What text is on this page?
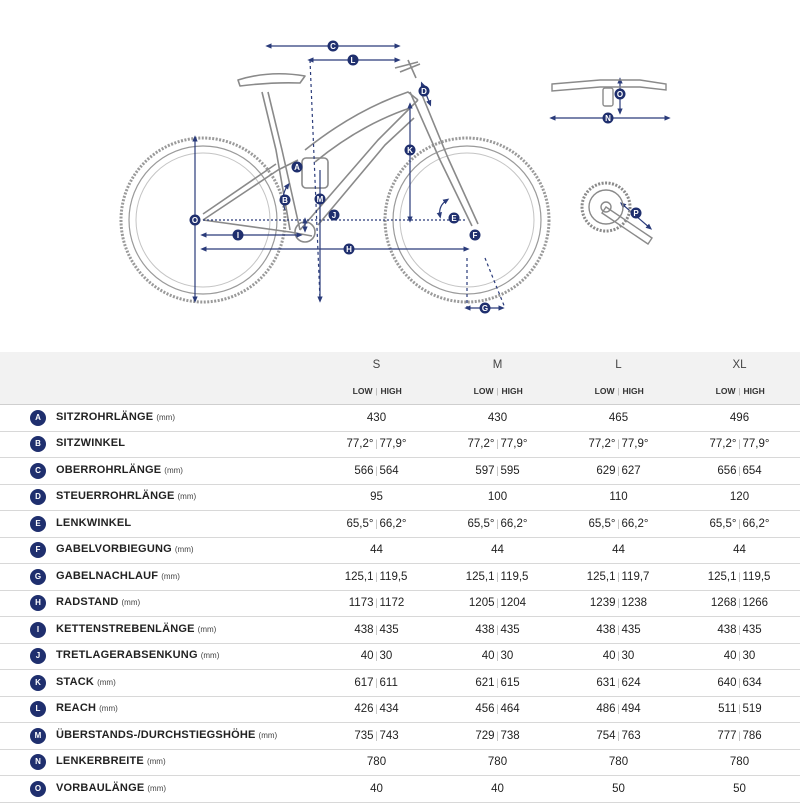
C
L
D
K
A
B	M
J
O
I
H
E
F
G
O
N
P
	S	M	L	XL
	LOW | HIGH	LOW | HIGH	LOW | HIGH	LOW | HIGH
A SITZROHRLÄNGE (mm)	430	430	465	496
B SITZWINKEL	77,2° | 77,9°	77,2° | 77,9°	77,2° | 77,9°	77,2° | 77,9°
C OBERROHRLÄNGE (mm)	566 | 564	597 | 595	629 | 627	656 | 654
D STEUERROHRLÄNGE (mm)	95	100	110	120
E LENKWINKEL	65,5° | 66,2°	65,5° | 66,2°	65,5° | 66,2°	65,5° | 66,2°
F GABELVORBIEGUNG (mm)	44	44	44	44
G GABELNACHLAUF (mm)	125,1 | 119,5	125,1 | 119,5	125,1 | 119,7	125,1 | 119,5
H RADSTAND (mm)	1173 | 1172	1205 | 1204	1239 | 1238	1268 | 1266
I KETTENSTREBENLÄNGE (mm)	438 | 435	438 | 435	438 | 435	438 | 435
J TRETLAGERABSENKUNG (mm)	40 | 30	40 | 30	40 | 30	40 | 30
K STACK (mm)	617 | 611	621 | 615	631 | 624	640 | 634
L REACH (mm)	426 | 434	456 | 464	486 | 494	511 | 519
M ÜBERSTANDS-/DURCHSTIEGSHÖHE (mm)	735 | 743	729 | 738	754 | 763	777 | 786
N LENKERBREITE (mm)	780	780	780	780
O VORBAULÄNGE (mm)	40	40	50	50
